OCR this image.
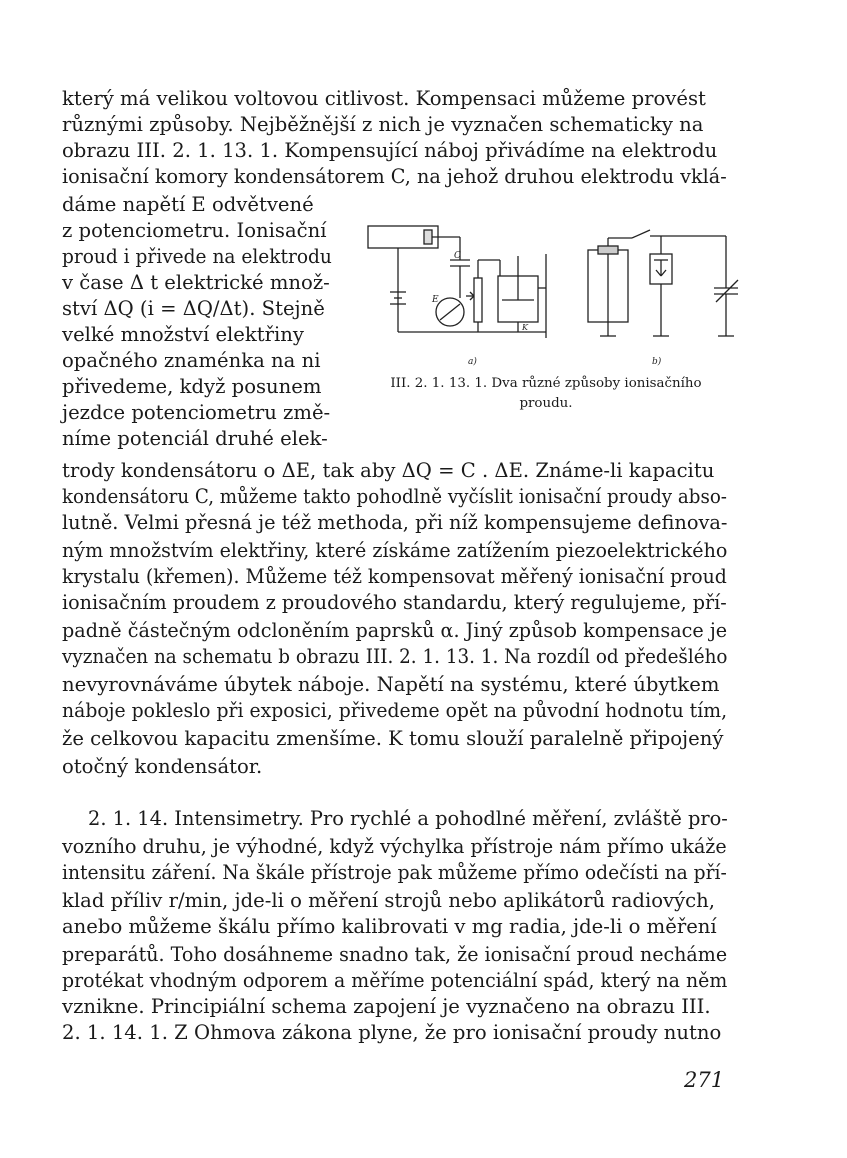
který má velikou voltovou citlivost. Kompensaci můžeme provést
různými způsoby. Nejběžnější z nich je vyznačen schematicky na
obrazu III. 2. 1. 13. 1. Kompensující náboj přivádíme na elektrodu
ionisační komory kondensátorem C, na jehož druhou elektrodu vklá-
dáme napětí E odvětvené
z potenciometru. Ionisační
proud i přivede na elektrodu
v čase Δ t elektrické množ-
ství ΔQ (i = ΔQ/Δt). Stejně
velké množství elektřiny
opačného znaménka na ni
přivedeme, když posunem
jezdce potenciometru změ-
níme potenciál druhé elek-
trody kondensátoru o ΔE, tak aby ΔQ = C . ΔE. Známe-li kapacitu
kondensátoru C, můžeme takto pohodlně vyčíslit ionisační proudy abso-
lutně. Velmi přesná je též methoda, při níž kompensujeme definova-
ným množstvím elektřiny, které získáme zatížením piezoelektrického
krystalu (křemen). Můžeme též kompensovat měřený ionisační proud
ionisačním proudem z proudového standardu, který regulujeme, pří-
padně částečným odcloněním paprsků α. Jiný způsob kompensace je
vyznačen na schematu b obrazu III. 2. 1. 13. 1. Na rozdíl od předešlého
nevyrovnáváme úbytek náboje. Napětí na systému, které úbytkem
náboje pokleslo při exposici, přivedeme opět na původní hodnotu tím,
že celkovou kapacitu zmenšíme. K tomu slouží paralelně připojený
otočný kondensátor.
2. 1. 14. Intensimetry. Pro rychlé a pohodlné měření, zvláště pro-
vozního druhu, je výhodné, když výchylka přístroje nám přímo ukáže
intensitu záření. Na škále přístroje pak můžeme přímo odečísti na pří-
klad příliv r/min, jde-li o měření strojů nebo aplikátorů radiových,
anebo můžeme škálu přímo kalibrovati v mg radia, jde-li o měření
preparátů. Toho dosáhneme snadno tak, že ionisační proud necháme
protékat vhodným odporem a měříme potenciální spád, který na něm
vznikne. Principiální schema zapojení je vyznačeno na obrazu III.
2. 1. 14. 1. Z Ohmova zákona plyne, že pro ionisační proudy nutno
C
E
K
a)	b)
III. 2. 1. 13. 1. Dva různé způsoby ionisačního
proudu.
271
